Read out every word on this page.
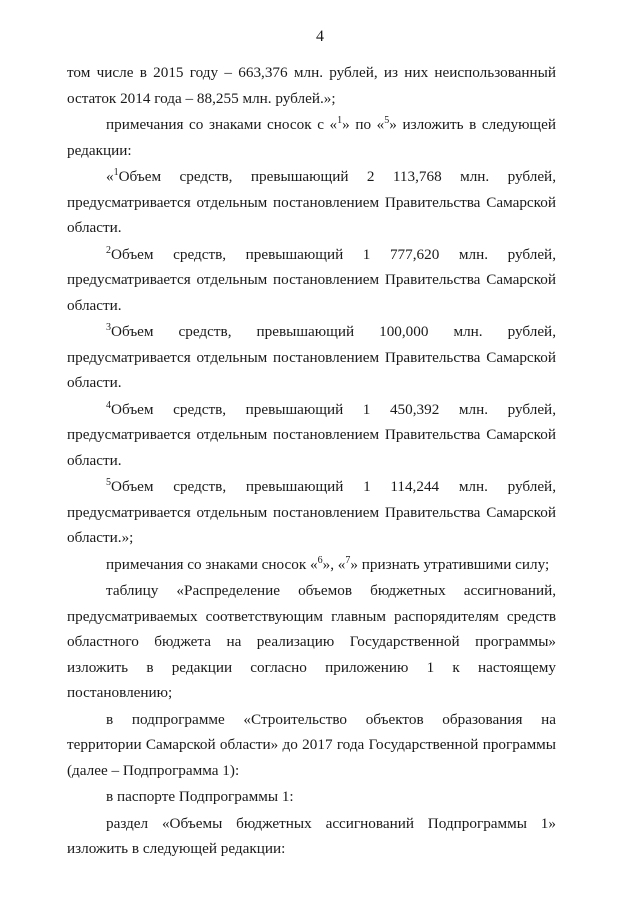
4

том числе в 2015 году – 663,376 млн. рублей, из них неиспользованный

остаток 2014 года – 88,255 млн. рублей.»;

примечания со знаками сносок с «$^1$» по «$^5$» изложить в следующей

редакции:

«$^1$Объем средств, превышающий 2 113,768 млн. рублей,

предусматривается отдельным постановлением Правительства Самарской

области.

$^2$Объем средств, превышающий 1 777,620 млн. рублей,

предусматривается отдельным постановлением Правительства Самарской

области.

$^3$Объем средств, превышающий 100,000 млн. рублей,

предусматривается отдельным постановлением Правительства Самарской

области.

$^4$Объем средств, превышающий 1 450,392 млн. рублей,

предусматривается отдельным постановлением Правительства Самарской

области.

$^5$Объем средств, превышающий 1 114,244 млн. рублей,

предусматривается отдельным постановлением Правительства Самарской

области.»;

примечания со знаками сносок «$^6$», «$^7$» признать утратившими силу;

таблицу «Распределение объемов бюджетных ассигнований,

предусматриваемых соответствующим главным распорядителям средств

областного бюджета на реализацию Государственной программы»

изложить в редакции согласно приложению 1 к настоящему

постановлению;

в подпрограмме «Строительство объектов образования на

территории Самарской области» до 2017 года Государственной программы

(далее – Подпрограмма 1):

в паспорте Подпрограммы 1:

раздел «Объемы бюджетных ассигнований Подпрограммы 1»

изложить в следующей редакции:
